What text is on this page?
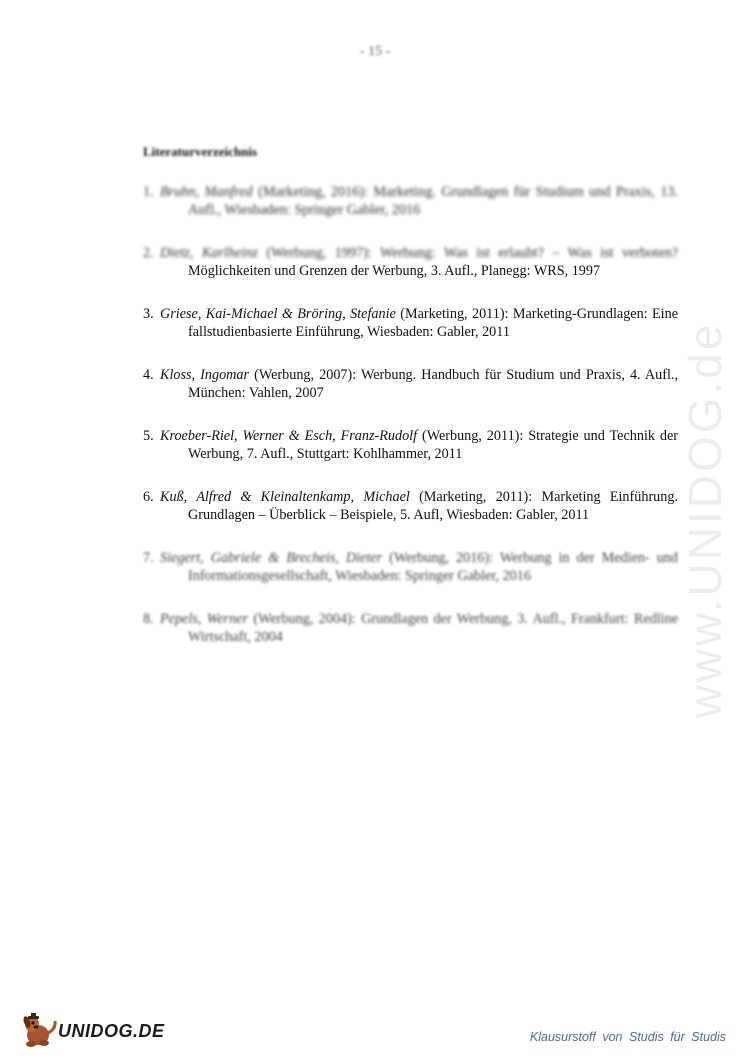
- 15 -
Literaturverzeichnis
1. Bruhn, Manfred (Marketing, 2016): Marketing. Grundlagen für Studium und Praxis, 13. Aufl., Wiesbaden: Springer Gabler, 2016
2. Dietz, Karlheinz (Werbung, 1997): Werbung: Was ist erlaubt? – Was ist verboten? Möglichkeiten und Grenzen der Werbung, 3. Aufl., Planegg: WRS, 1997
3. Griese, Kai-Michael & Bröring, Stefanie (Marketing, 2011): Marketing-Grundlagen: Eine fallstudienbasierte Einführung, Wiesbaden: Gabler, 2011
4. Kloss, Ingomar (Werbung, 2007): Werbung. Handbuch für Studium und Praxis, 4. Aufl., München: Vahlen, 2007
5. Kroeber-Riel, Werner & Esch, Franz-Rudolf (Werbung, 2011): Strategie und Technik der Werbung, 7. Aufl., Stuttgart: Kohlhammer, 2011
6. Kuß, Alfred & Kleinaltenkamp, Michael (Marketing, 2011): Marketing Einführung. Grundlagen – Überblick – Beispiele, 5. Aufl, Wiesbaden: Gabler, 2011
7. Siegert, Gabriele & Brecheis, Dieter (Werbung, 2016): Werbung in der Medien- und Informationsgesellschaft, Wiesbaden: Springer Gabler, 2016
8. Pepels, Werner (Werbung, 2004): Grundlagen der Werbung, 3. Aufl., Frankfurt: Redline Wirtschaft, 2004	www.UNIDOG.de
UNIDOG.DE	Klausurstoff von Studis für Studis
